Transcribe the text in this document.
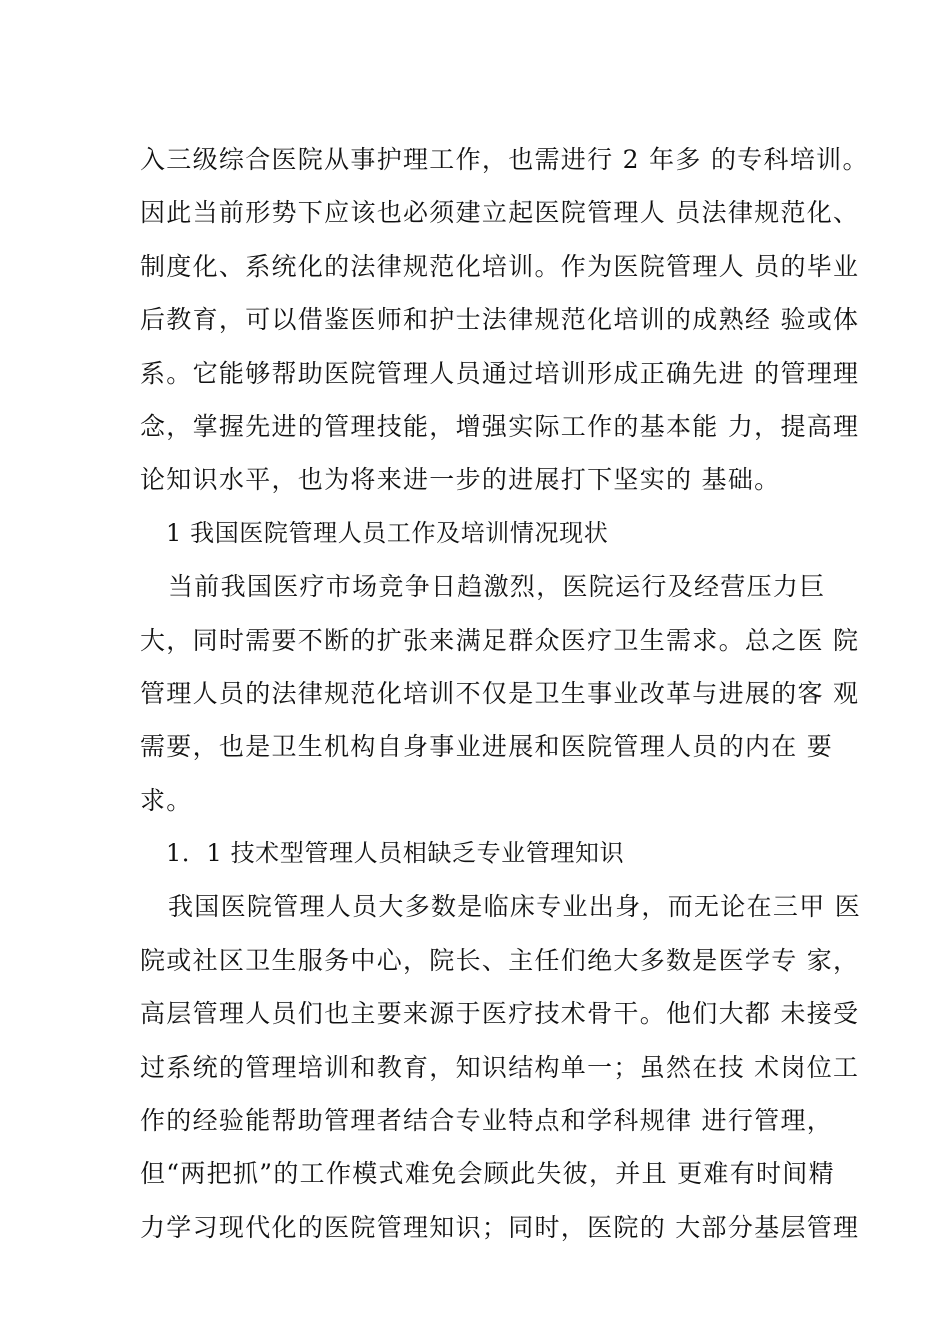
入三级综合医院从事护理工作，也需进行 2 年多 的专科培训。
因此当前形势下应该也必须建立起医院管理人 员法律规范化、
制度化、系统化的法律规范化培训。作为医院管理人 员的毕业
后教育，可以借鉴医师和护士法律规范化培训的成熟经 验或体
系。它能够帮助医院管理人员通过培训形成正确先进 的管理理
念，掌握先进的管理技能，增强实际工作的基本能 力，提高理
论知识水平，也为将来进一步的进展打下坚实的 基础。
1 我国医院管理人员工作及培训情况现状
当前我国医疗市场竞争日趋激烈，医院运行及经营压力巨
大，同时需要不断的扩张来满足群众医疗卫生需求。总之医 院
管理人员的法律规范化培训不仅是卫生事业改革与进展的客 观
需要，也是卫生机构自身事业进展和医院管理人员的内在 要
求。
1．1 技术型管理人员相缺乏专业管理知识
我国医院管理人员大多数是临床专业出身，而无论在三甲 医
院或社区卫生服务中心，院长、主任们绝大多数是医学专 家，
高层管理人员们也主要来源于医疗技术骨干。他们大都 未接受
过系统的管理培训和教育，知识结构单一；虽然在技 术岗位工
作的经验能帮助管理者结合专业特点和学科规律 进行管理，
但“两把抓”的工作模式难免会顾此失彼，并且 更难有时间精
力学习现代化的医院管理知识；同时，医院的 大部分基层管理
